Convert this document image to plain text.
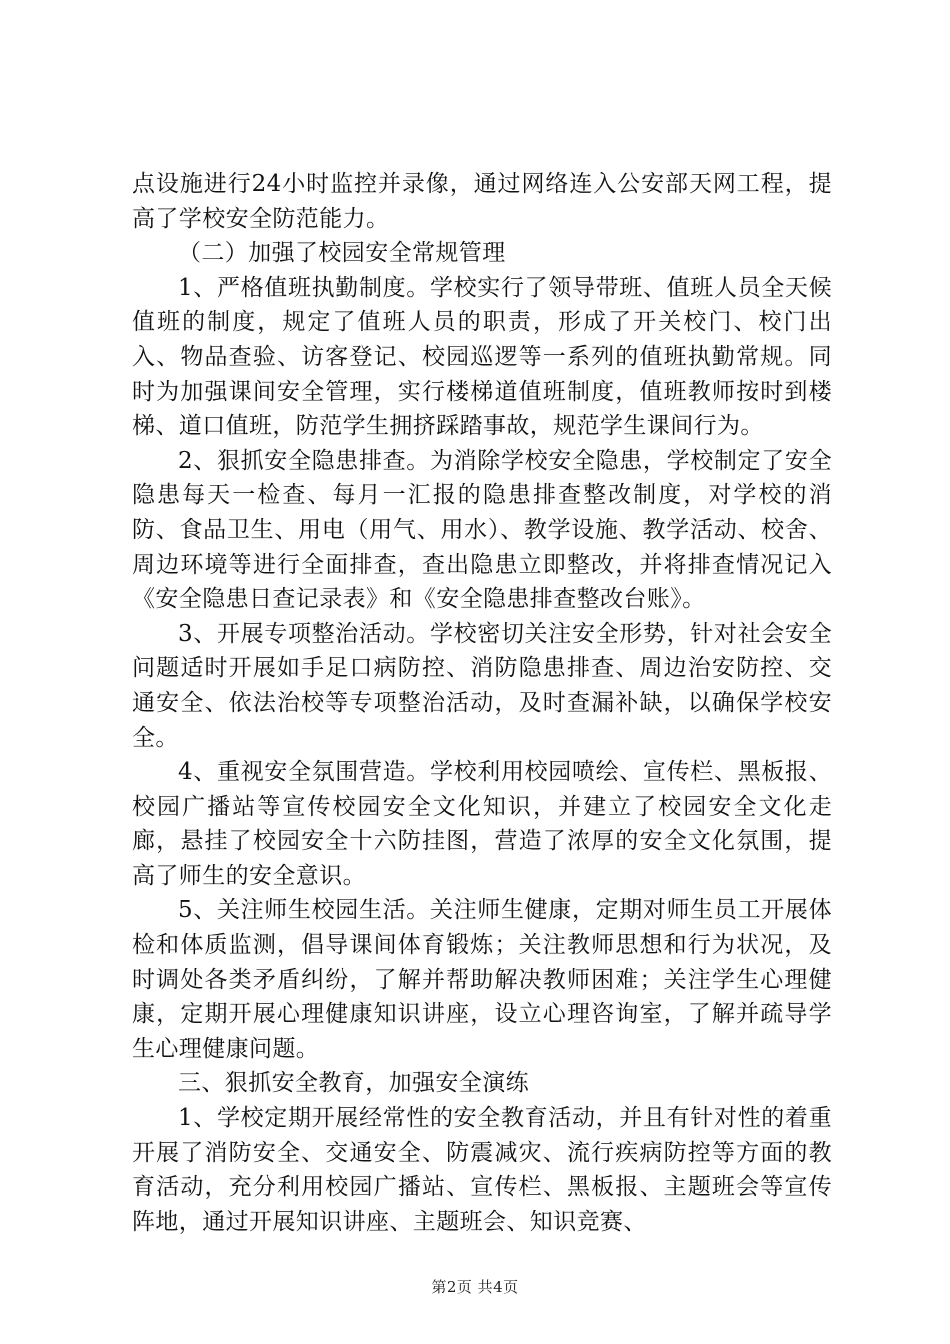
点设施进行24小时监控并录像，通过网络连入公安部天网工程，提高了学校安全防范能力。

（二）加强了校园安全常规管理

1、严格值班执勤制度。学校实行了领导带班、值班人员全天候值班的制度，规定了值班人员的职责，形成了开关校门、校门出入、物品查验、访客登记、校园巡逻等一系列的值班执勤常规。同时为加强课间安全管理，实行楼梯道值班制度，值班教师按时到楼梯、道口值班，防范学生拥挤踩踏事故，规范学生课间行为。

2、狠抓安全隐患排查。为消除学校安全隐患，学校制定了安全隐患每天一检查、每月一汇报的隐患排查整改制度，对学校的消防、食品卫生、用电（用气、用水）、教学设施、教学活动、校舍、周边环境等进行全面排查，查出隐患立即整改，并将排查情况记入《安全隐患日查记录表》和《安全隐患排查整改台账》。

3、开展专项整治活动。学校密切关注安全形势，针对社会安全问题适时开展如手足口病防控、消防隐患排查、周边治安防控、交通安全、依法治校等专项整治活动，及时查漏补缺，以确保学校安全。

4、重视安全氛围营造。学校利用校园喷绘、宣传栏、黑板报、校园广播站等宣传校园安全文化知识，并建立了校园安全文化走廊，悬挂了校园安全十六防挂图，营造了浓厚的安全文化氛围，提高了师生的安全意识。

5、关注师生校园生活。关注师生健康，定期对师生员工开展体检和体质监测，倡导课间体育锻炼；关注教师思想和行为状况，及时调处各类矛盾纠纷，了解并帮助解决教师困难；关注学生心理健康，定期开展心理健康知识讲座，设立心理咨询室，了解并疏导学生心理健康问题。

三、狠抓安全教育，加强安全演练

1、学校定期开展经常性的安全教育活动，并且有针对性的着重开展了消防安全、交通安全、防震减灾、流行疾病防控等方面的教育活动，充分利用校园广播站、宣传栏、黑板报、主题班会等宣传阵地，通过开展知识讲座、主题班会、知识竞赛、

第2页 共4页
